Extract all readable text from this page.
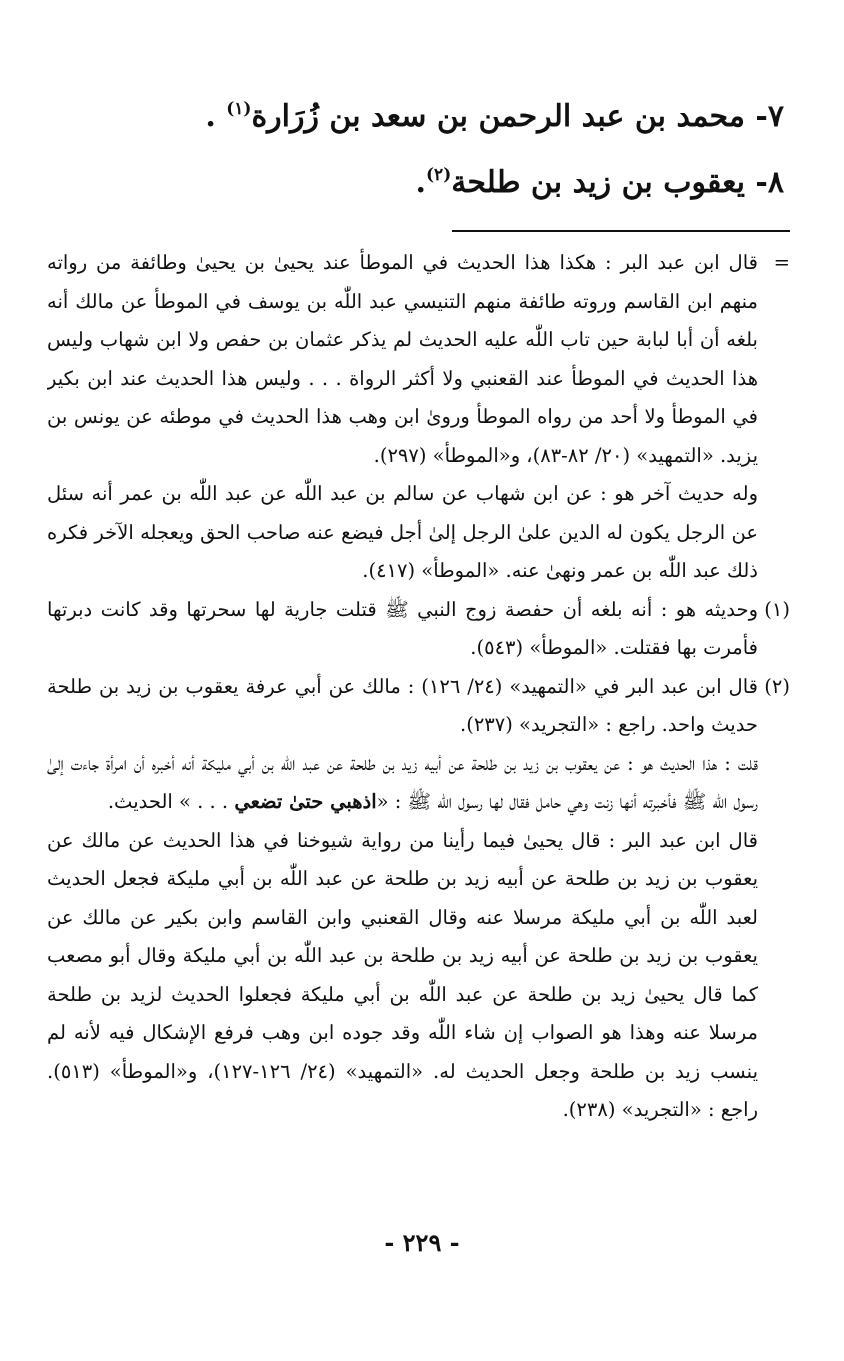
٧- محمد بن عبد الرحمن بن سعد بن زُرَارة$^{(١)}$ .
٨- يعقوب بن زيد بن طلحة$^{(٢)}$.

=
قال ابن عبد البر : هكذا هذا الحديث في الموطأ عند يحيىٰ بن يحيىٰ وطائفة من رواته منهم ابن القاسم وروته طائفة منهم التنيسي عبد اللّٰه بن يوسف في الموطأ عن مالك أنه بلغه أن أبا لبابة حين تاب اللّٰه عليه الحديث لم يذكر عثمان بن حفص ولا ابن شهاب وليس هذا الحديث في الموطأ عند القعنبي ولا أكثر الرواة . . . وليس هذا الحديث عند ابن بكير في الموطأ ولا أحد من رواه الموطأ وروىٰ ابن وهب هذا الحديث في موطئه عن يونس بن يزيد. «التمهيد» (٢٠/ ٨٢-٨٣)، و«الموطأ» (٢٩٧).

وله حديث آخر هو : عن ابن شهاب عن سالم بن عبد اللّٰه عن عبد اللّٰه بن عمر أنه سئل عن الرجل يكون له الدين علىٰ الرجل إلىٰ أجل فيضع عنه صاحب الحق ويعجله الآخر فكره ذلك عبد اللّٰه بن عمر ونهىٰ عنه. «الموطأ» (٤١٧).

(١)
وحديثه هو : أنه بلغه أن حفصة زوج النبي ﷺ قتلت جارية لها سحرتها وقد كانت دبرتها فأمرت بها فقتلت. «الموطأ» (٥٤٣).

(٢)
قال ابن عبد البر في «التمهيد» (٢٤/ ١٢٦) : مالك عن أبي عرفة يعقوب بن زيد بن طلحة حديث واحد. راجع : «التجريد» (٢٣٧).

قلت : هذا الحديث هو : عن يعقوب بن زيد بن طلحة عن أبيه زيد بن طلحة عن عبد اللّٰه بن أبي مليكة أنه أخبره أن امرأة جاءت إلىٰ رسول اللّٰه ﷺ فأخبرته أنها زنت وهي حامل فقال لها رسول اللّٰه ﷺ : «اذهبي حتىٰ تضعي . . . » الحديث.

قال ابن عبد البر : قال يحيىٰ فيما رأينا من رواية شيوخنا في هذا الحديث عن مالك عن يعقوب بن زيد بن طلحة عن أبيه زيد بن طلحة عن عبد اللّٰه بن أبي مليكة فجعل الحديث لعبد اللّٰه بن أبي مليكة مرسلا عنه وقال القعنبي وابن القاسم وابن بكير عن مالك عن يعقوب بن زيد بن طلحة عن أبيه زيد بن طلحة بن عبد اللّٰه بن أبي مليكة وقال أبو مصعب كما قال يحيىٰ زيد بن طلحة عن عبد اللّٰه بن أبي مليكة فجعلوا الحديث لزيد بن طلحة مرسلا عنه وهذا هو الصواب إن شاء اللّٰه وقد جوده ابن وهب فرفع الإشكال فيه لأنه لم ينسب زيد بن طلحة وجعل الحديث له. «التمهيد» (٢٤/ ١٢٦-١٢٧)، و«الموطأ» (٥١٣). راجع : «التجريد» (٢٣٨).

- ٢٢٩ -
